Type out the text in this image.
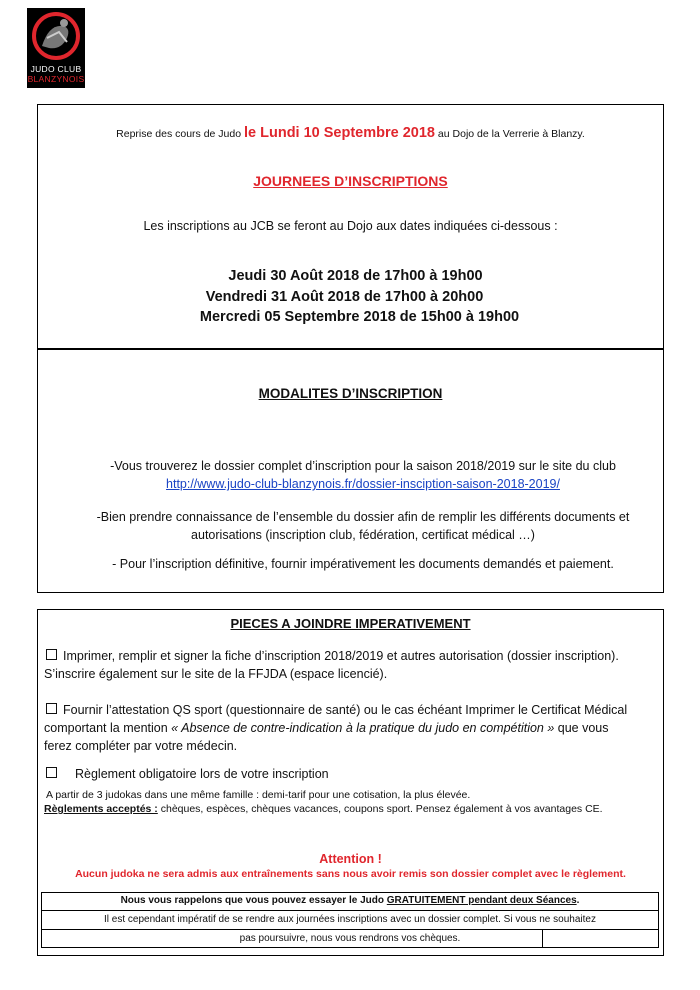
JUDO CLUB
BLANZYNOIS
Reprise des cours de Judo le Lundi 10 Septembre 2018 au Dojo de la Verrerie à Blanzy.
JOURNEES D’INSCRIPTIONS
Les inscriptions au JCB se feront au Dojo aux dates indiquées ci-dessous :
Jeudi 30 Août 2018 de 17h00 à 19h00
Vendredi 31 Août 2018 de 17h00 à 20h00
Mercredi 05 Septembre 2018 de 15h00 à 19h00
MODALITES D’INSCRIPTION
-Vous trouverez le dossier complet d’inscription pour la saison 2018/2019 sur le site du club
http://www.judo-club-blanzynois.fr/dossier-insciption-saison-2018-2019/
-Bien prendre connaissance de l’ensemble du dossier afin de remplir les différents documents et
autorisations (inscription club, fédération, certificat médical …)
- Pour l’inscription définitive, fournir impérativement les documents demandés et paiement.
PIECES A JOINDRE IMPERATIVEMENT
Imprimer, remplir et signer la fiche d’inscription 2018/2019 et autres autorisation (dossier inscription).
S’inscrire également sur le site de la FFJDA (espace licencié).
Fournir l’attestation QS sport (questionnaire de santé) ou le cas échéant Imprimer le Certificat Médical
comportant la mention « Absence de contre-indication à la pratique du judo en compétition » que vous
ferez compléter par votre médecin.
Règlement obligatoire lors de votre inscription
A partir de 3 judokas dans une même famille : demi-tarif pour une cotisation, la plus élevée.
Règlements acceptés : chèques, espèces, chèques vacances, coupons sport. Pensez également à vos avantages CE.
Attention !
Aucun judoka ne sera admis aux entraînements sans nous avoir remis son dossier complet avec le règlement.
Nous vous rappelons que vous pouvez essayer le Judo GRATUITEMENT pendant deux Séances.
Il est cependant impératif de se rendre aux journées inscriptions avec un dossier complet. Si vous ne souhaitez
pas poursuivre, nous vous rendrons vos chèques.
